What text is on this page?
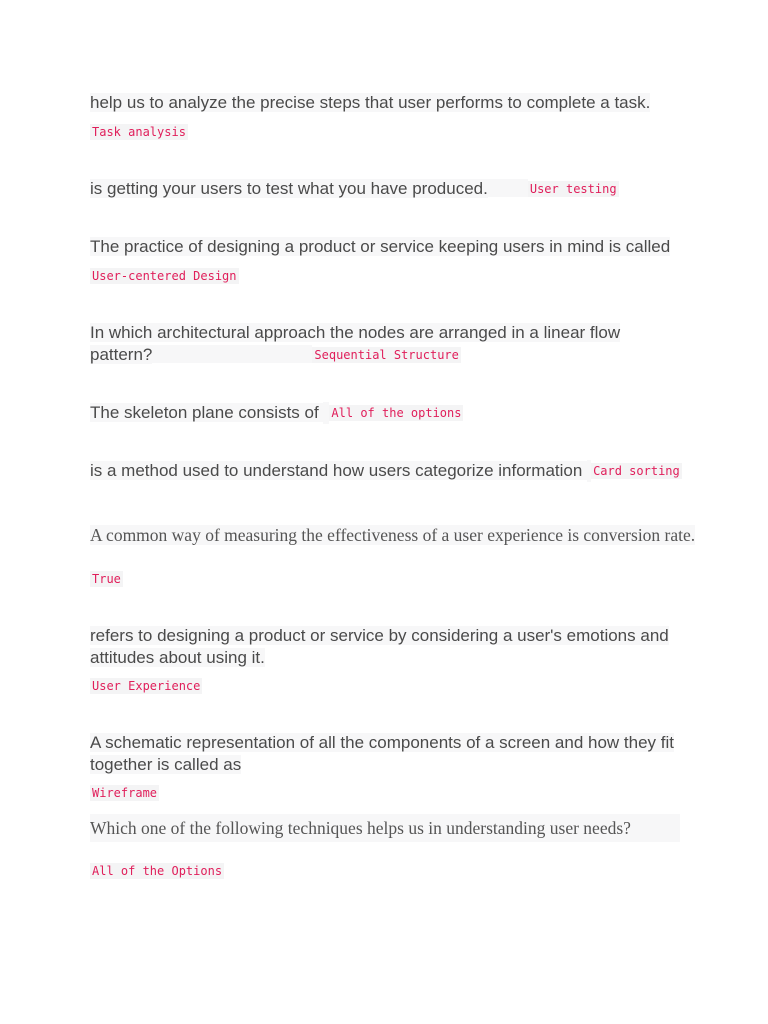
help us to analyze the precise steps that user performs to complete a task.
Task analysis
is getting your users to test what you have produced.	User testing
The practice of designing a product or service keeping users in mind is called
User-centered Design
In which architectural approach the nodes are arranged in a linear flow
pattern?	Sequential Structure
The skeleton plane consists of  All of the options
is a method used to understand how users categorize information  Card sorting
A common way of measuring the effectiveness of a user experience is conversion rate.
True
refers to designing a product or service by considering a user's emotions and
attitudes about using it.
User Experience
A schematic representation of all the components of a screen and how they fit
together is called as
Wireframe
Which one of the following techniques helps us in understanding user needs?
All of the Options
